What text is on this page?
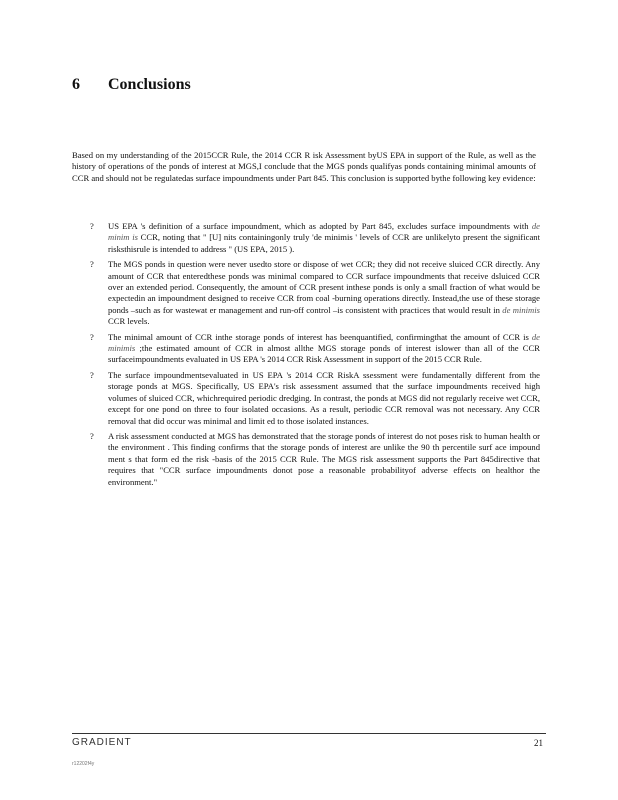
6 Conclusions
Based on my understanding of the 2015CCR Rule, the 2014 CCR R isk Assessment byUS EPA in support of the Rule, as well as the history of operations of the ponds of interest at MGS,I conclude that the MGS ponds qualifyas ponds containing minimal amounts of CCR and should not be regulatedas surface impoundments under Part 845. This conclusion is supported bythe following key evidence:
? US EPA 's definition of a surface impoundment, which as adopted by Part 845, excludes surface impoundments with de minim is CCR, noting that " [U] nits containingonly truly 'de minimis ' levels of CCR are unlikelyto present the significant risksthisrule is intended to address " (US EPA, 2015 ).
? The MGS ponds in question were never usedto store or dispose of wet CCR; they did not receive sluiced CCR directly. Any amount of CCR that enteredthese ponds was minimal compared to CCR surface impoundments that receive dsluiced CCR over an extended period. Consequently, the amount of CCR present inthese ponds is only a small fraction of what would be expectedin an impoundment designed to receive CCR from coal -burning operations directly. Instead,the use of these storage ponds –such as for wastewat er management and run-off control –is consistent with practices that would result in de minimis CCR levels.
? The minimal amount of CCR inthe storage ponds of interest has beenquantified, confirmingthat the amount of CCR is de minimis ;the estimated amount of CCR in almost allthe MGS storage ponds of interest islower than all of the CCR surfaceimpoundments evaluated in US EPA 's 2014 CCR Risk Assessment in support of the 2015 CCR Rule.
? The surface impoundmentsevaluated in US EPA 's 2014 CCR RiskA ssessment were fundamentally different from the storage ponds at MGS. Specifically, US EPA's risk assessment assumed that the surface impoundments received high volumes of sluiced CCR, whichrequired periodic dredging. In contrast, the ponds at MGS did not regularly receive wet CCR, except for one pond on three to four isolated occasions. As a result, periodic CCR removal was not necessary. Any CCR removal that did occur was minimal and limit ed to those isolated instances.
? A risk assessment conducted at MGS has demonstrated that the storage ponds of interest do not poses risk to human health or the environment . This finding confirms that the storage ponds of interest are unlike the 90 th percentile surf ace impound ment s that form ed the risk -basis of the 2015 CCR Rule. The MGS risk assessment supports the Part 845directive that requires that "CCR surface impoundments donot pose a reasonable probabilityof adverse effects on healthor the environment."
GRADIENT	21
r12202f4y
